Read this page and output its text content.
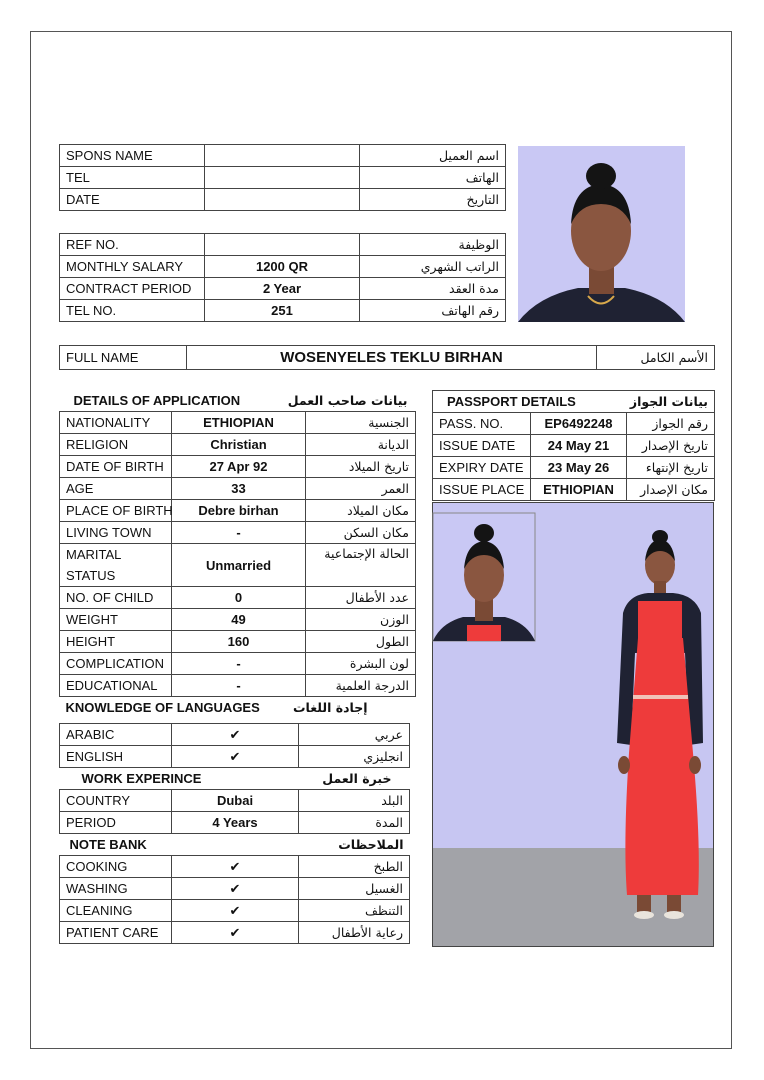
SPONS NAME		اسم العميل
TEL		الهاتف
DATE		التاريخ
REF NO.		الوظيفة
MONTHLY SALARY	1200 QR	الراتب الشهري
CONTRACT PERIOD	2 Year	مدة العقد
TEL NO.	251	رقم الهاتف
FULL NAME	WOSENYELES TEKLU BIRHAN	الأسم الكامل
DETAILS OF APPLICATION		بيانات صاحب العمل
NATIONALITY	ETHIOPIAN	الجنسية
RELIGION	Christian	الديانة
DATE OF BIRTH	27 Apr 92	تاريخ الميلاد
AGE	33	العمر
PLACE OF BIRTH	Debre birhan	مكان الميلاد
LIVING TOWN	-	مكان السكن

MARITAL
STATUS	Unmarried	الحالة الإجتماعية
NO. OF CHILD	0	عدد الأطفال
WEIGHT	49	الوزن
HEIGHT	160	الطول
COMPLICATION	-	لون البشرة
EDUCATIONAL	-	الدرجة العلمية
KNOWLEDGE OF LANGUAGES		إجادة اللغات
ARABIC	✔	عربي
ENGLISH	✔	انجليزي
WORK EXPERINCE		خبرة العمل
COUNTRY	Dubai	البلد
PERIOD	4 Years	المدة
NOTE BANK		الملاحظات
COOKING	✔	الطبخ
WASHING	✔	الغسيل
CLEANING	✔	التنظف
PATIENT CARE	✔	رعاية الأطفال
PASSPORT DETAILS		بيانات الجواز
PASS. NO.	EP6492248	رقم الجواز
ISSUE DATE	24 May 21	تاريخ الإصدار
EXPIRY DATE	23 May 26	تاريخ الإنتهاء
ISSUE PLACE	ETHIOPIAN	مكان الإصدار
